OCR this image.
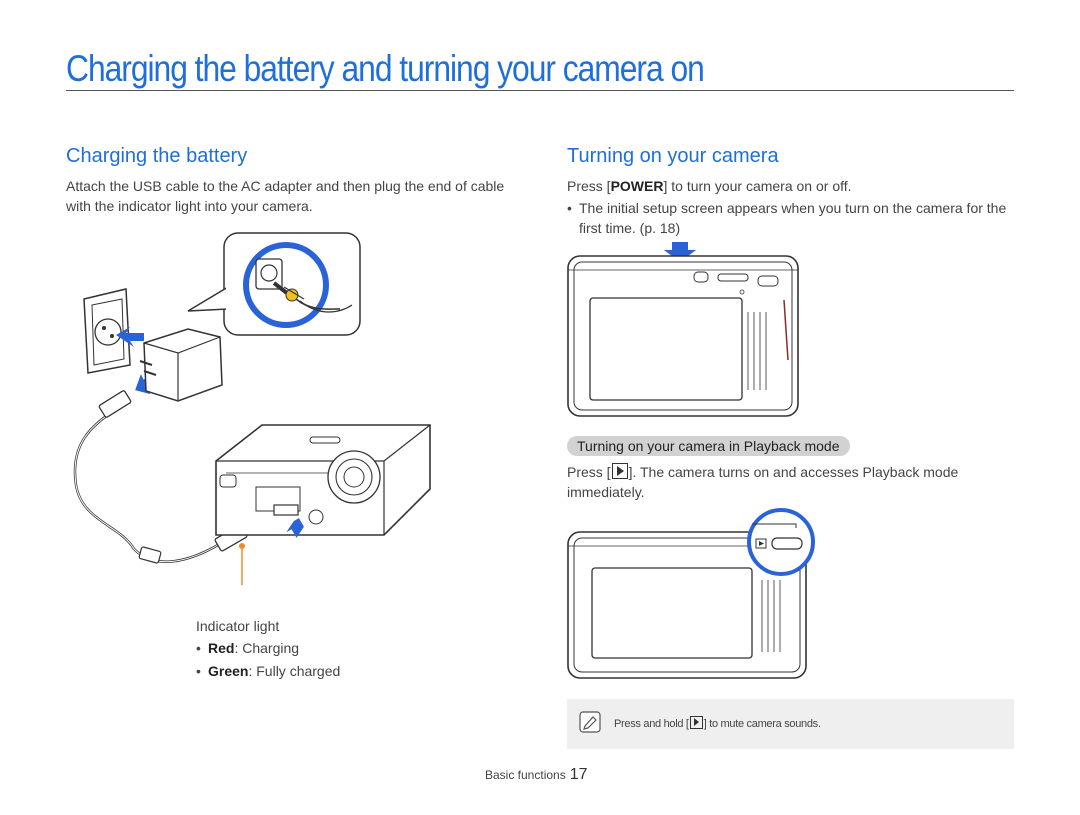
Charging the battery and turning your camera on
Charging the battery
Attach the USB cable to the AC adapter and then plug the end of cable with the indicator light into your camera.
Indicator light
• Red: Charging
• Green: Fully charged
Turning on your camera
Press [POWER] to turn your camera on or off.
• The initial setup screen appears when you turn on the camera for the first time. (p. 18)
Turning on your camera in Playback mode
Press [ ]. The camera turns on and accesses Playback mode immediately.
Press and hold [ ] to mute camera sounds.
Basic functions 17
